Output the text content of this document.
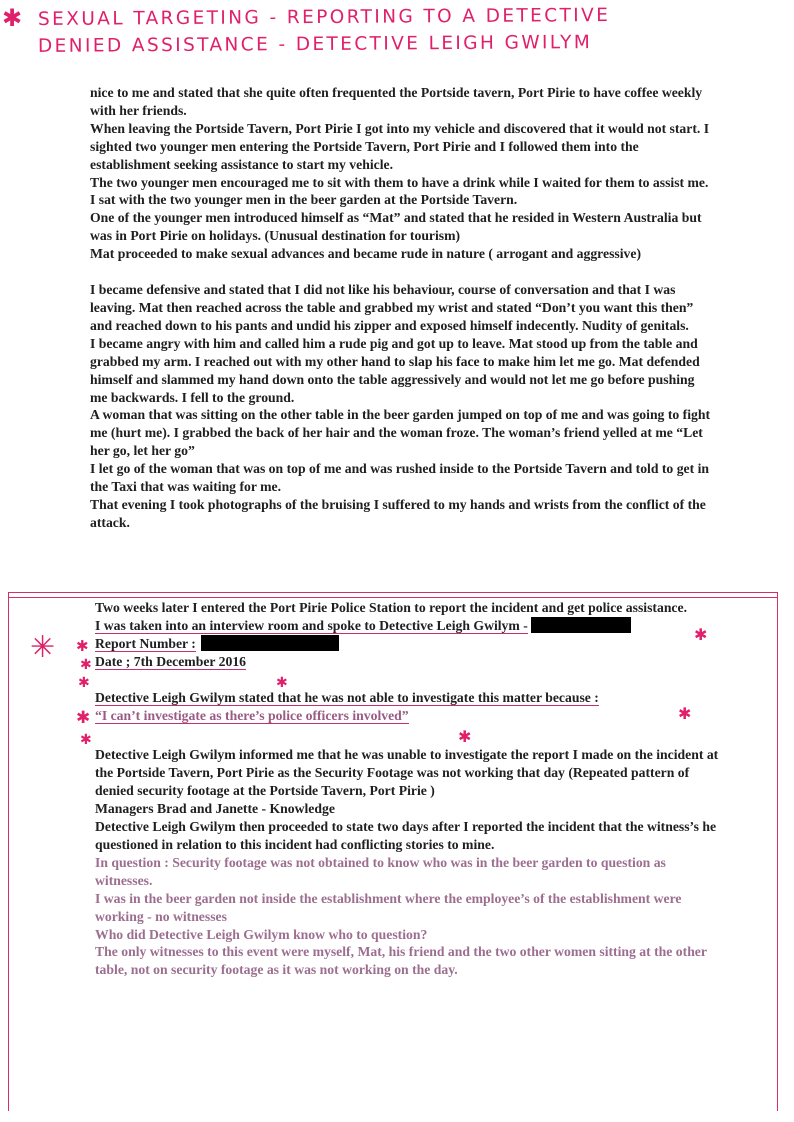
SEXUAL TARGETING - REPORTING TO A DETECTIVE
DENIED ASSISTANCE - DETECTIVE LEIGH GWILYM
✱

nice to me and stated that she quite often frequented the Portside tavern, Port Pirie to have coffee weekly with her friends.

When leaving the Portside Tavern, Port Pirie I got into my vehicle and discovered that it would not start. I sighted two younger men entering the Portside Tavern, Port Pirie and I followed them into the establishment seeking assistance to start my vehicle.

The two younger men encouraged me to sit with them to have a drink while I waited for them to assist me. I sat with the two younger men in the beer garden at the Portside Tavern.

One of the younger men introduced himself as “Mat” and stated that he resided in Western Australia but was in Port Pirie on holidays. (Unusual destination for tourism)

Mat proceeded to make sexual advances and became rude in nature ( arrogant and aggressive)

I became defensive and stated that I did not like his behaviour, course of conversation and that I was leaving. Mat then reached across the table and grabbed my wrist and stated “Don’t you want this then” and reached down to his pants and undid his zipper and exposed himself indecently. Nudity of genitals.

I became angry with him and called him a rude pig and got up to leave. Mat stood up from the table and grabbed my arm. I reached out with my other hand to slap his face to make him let me go. Mat defended himself and slammed my hand down onto the table aggressively and would not let me go before pushing me backwards. I fell to the ground.

A woman that was sitting on the other table in the beer garden jumped on top of me and was going to fight me (hurt me). I grabbed the back of her hair and the woman froze. The woman’s friend yelled at me “Let her go, let her go”

I let go of the woman that was on top of me and was rushed inside to the Portside Tavern and told to get in the Taxi that was waiting for me.

That evening I took photographs of the bruising I suffered to my hands and wrists from the conflict of the attack.

✳ ✱
✱
✱
✱	✱
✱	✱
✱	✱

Two weeks later I entered the Port Pirie Police Station to report the incident and get police assistance.

I was taken into an interview room and spoke to Detective Leigh Gwilym -
Report Number :
Date ; 7th December 2016
Detective Leigh Gwilym stated that he was not able to investigate this matter because :
“I can’t investigate as there’s police officers involved”

Detective Leigh Gwilym informed me that he was unable to investigate the report I made on the incident at the Portside Tavern, Port Pirie as the Security Footage was not working that day (Repeated pattern of denied security footage at the Portside Tavern, Port Pirie )

Managers Brad and Janette - Knowledge

Detective Leigh Gwilym then proceeded to state two days after I reported the incident that the witness’s he questioned in relation to this incident had conflicting stories to mine.

In question : Security footage was not obtained to know who was in the beer garden to question as witnesses.

I was in the beer garden not inside the establishment where the employee’s of the establishment were working - no witnesses

Who did Detective Leigh Gwilym know who to question?

The only witnesses to this event were myself, Mat, his friend and the two other women sitting at the other table, not on security footage as it was not working on the day.
